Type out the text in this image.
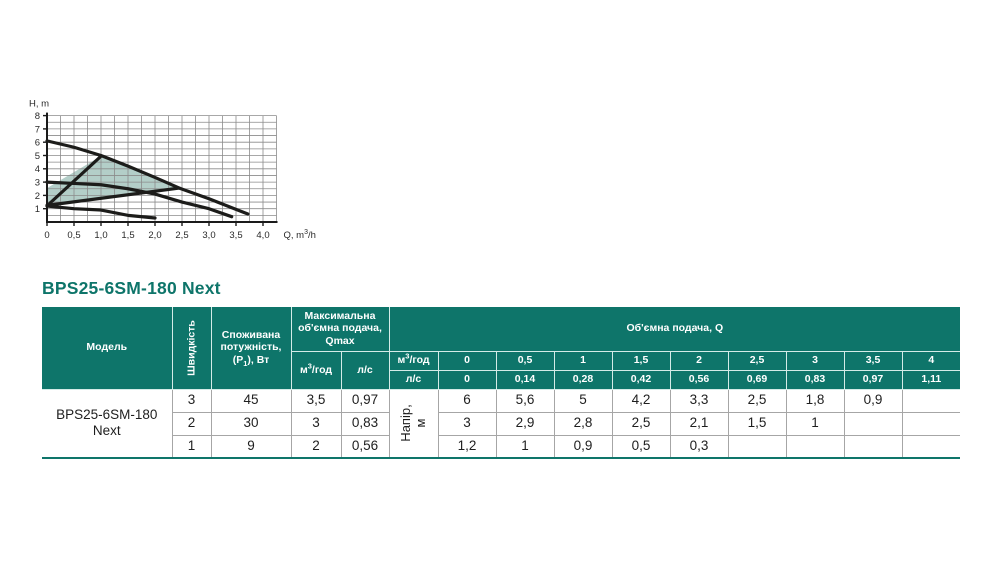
1
2
3
4
5
6
7
8
0 0,5 1,0 1,5 2,0 2,5 3,0 3,5 4,0
H, m
Q, $m^3/h$
BPS25-6SM-180 Next
Модель	Швидкість	Споживана
потужність,
$(P_1)$, Вт	Максимальна об'ємна подача, Qmax		Об'ємна подача, Q									
			$м^3$/год	л/с	$м^3$/год	0	0,5	1	1,5	2	2,5	3	3,5	4
					л/с	0	0,14	0,28	0,42	0,56	0,69	0,83	0,97	1,11

BPS25-6SM-180
Next	3	45	3,5	0,97	Напір, м	6	5,6	5	4,2	3,3	2,5	1,8	0,9	
	2	30	3	0,83		3	2,9	2,8	2,5	2,1	1,5	1		
	1	9	2	0,56		1,2	1	0,9	0,5	0,3				
